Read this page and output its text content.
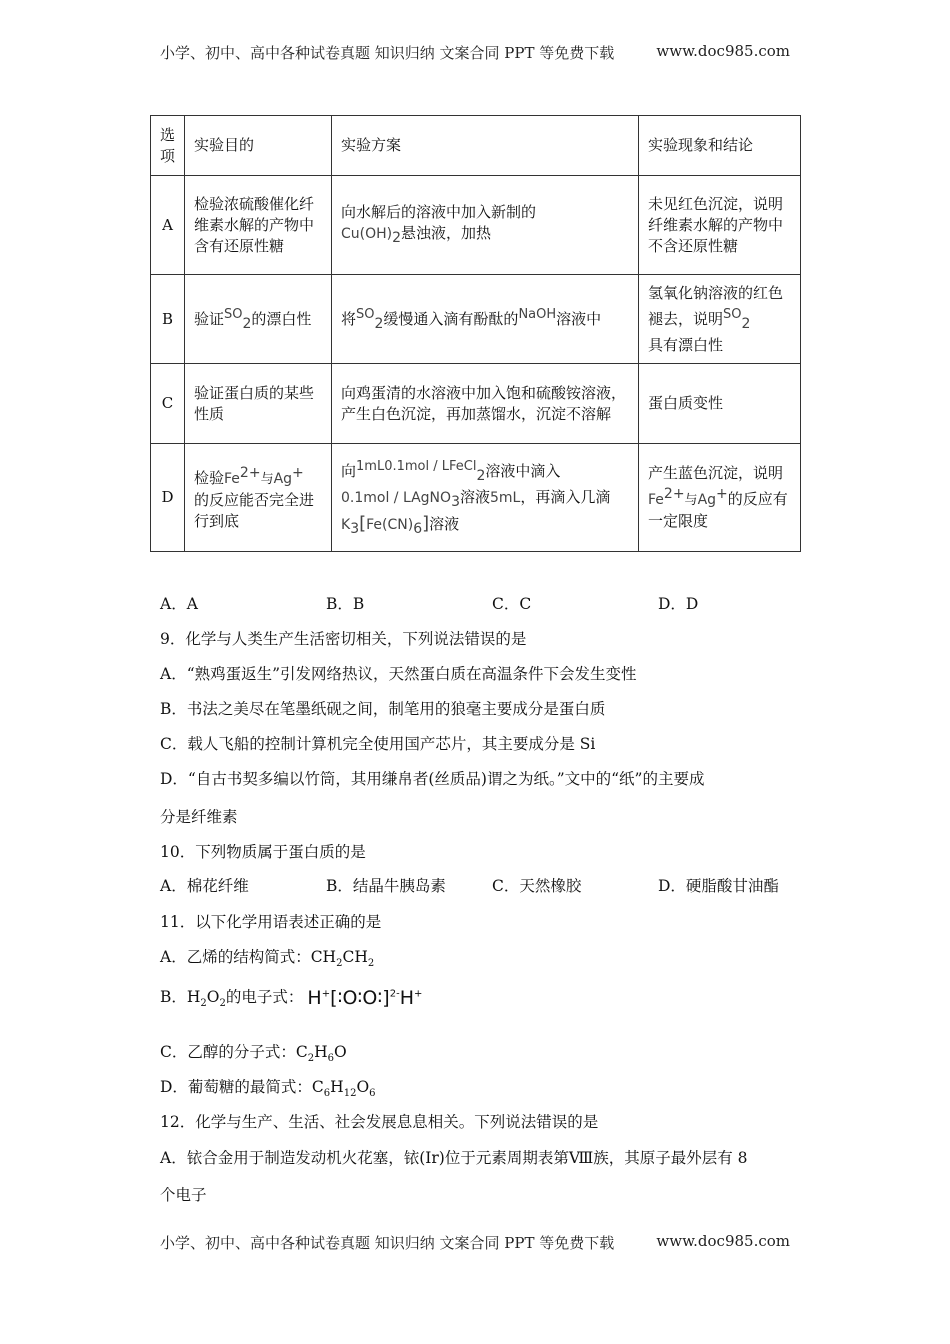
小学、初中、高中各种试卷真题 知识归纳 文案合同 PPT 等免费下载	www.doc985.com
选项	实验目的	实验方案	实验现象和结论
A	检验浓硫酸催化纤维素水解的产物中含有还原性糖	向水解后的溶液中加入新制的
$Cu(OH)_2$悬浊液，加热	未见红色沉淀，说明纤维素水解的产物中不含还原性糖
B	验证$^{SO}_2$的漂白性	将$^{SO}_2$缓慢通入滴有酚酞的$^{NaOH}$溶液中	氢氧化钠溶液的红色褪去，说明$^{SO}_2$
具有漂白性
C	验证蛋白质的某些性质	向鸡蛋清的水溶液中加入饱和硫酸铵溶液，产生白色沉淀，再加蒸馏水，沉淀不溶解	蛋白质变性
D	检验$Fe^{2+}$与Ag+
的反应能否完全进行到底	向$^{1mL0.1mol / LFeCl}_2$溶液中滴入
0.1mol / LAgNO$_3$溶液5mL，再滴入几滴$K_3[Fe(CN)_6]$溶液	产生蓝色沉淀，说明$Fe^{2+}$与Ag+的反应有一定限度
A．A	B．B	C．C	D．D
9．化学与人类生产生活密切相关，下列说法错误的是
A．“熟鸡蛋返生”引发网络热议，天然蛋白质在高温条件下会发生变性
B．书法之美尽在笔墨纸砚之间，制笔用的狼毫主要成分是蛋白质
C．载人飞船的控制计算机完全使用国产芯片，其主要成分是 Si
D．“自古书契多编以竹筒，其用缣帛者(丝质品)谓之为纸。”文中的“纸”的主要成
分是纤维素
10．下列物质属于蛋白质的是
A．棉花纤维	B．结晶牛胰岛素	C．天然橡胶	D．硬脂酸甘油酯
11．以下化学用语表述正确的是
A．乙烯的结构简式：$CH_2CH_2$
B．$H_2O_2$的电子式： H+[∶O∶O∶]$^{2-}$H+
C．乙醇的分子式：$C_2H_6O$
D．葡萄糖的最简式：$C_6H_{12}O_6$
12．化学与生产、生活、社会发展息息相关。下列说法错误的是
A．铱合金用于制造发动机火花塞，铱(Ir)位于元素周期表第Ⅷ族，其原子最外层有 8
个电子
小学、初中、高中各种试卷真题 知识归纳 文案合同 PPT 等免费下载	www.doc985.com
